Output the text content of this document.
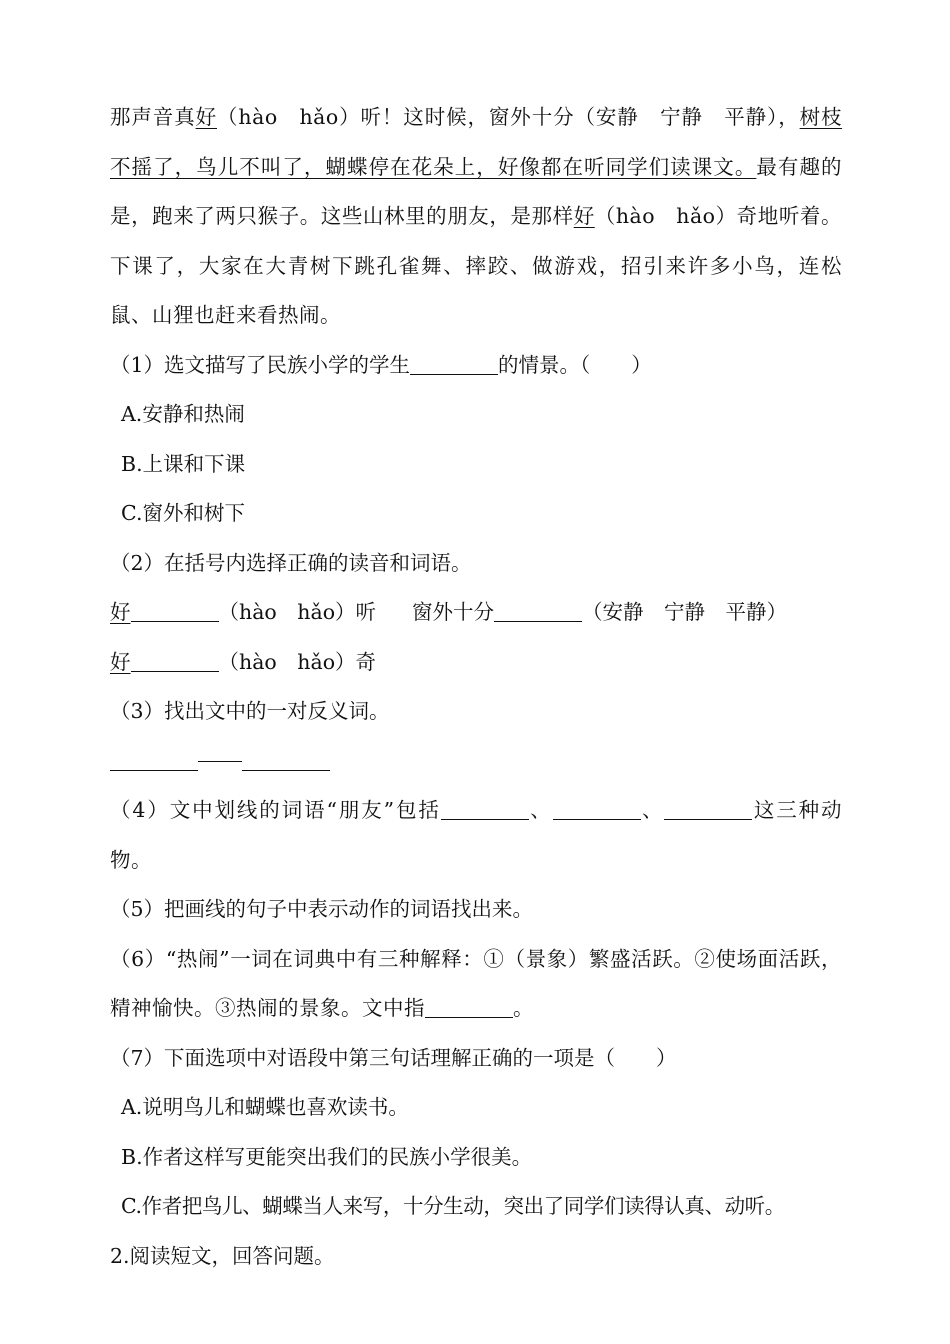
那声音真好（hào　hǎo）听！这时候，窗外十分（安静　宁静　平静），树枝不摇了，鸟儿不叫了，蝴蝶停在花朵上，好像都在听同学们读课文。最有趣的是，跑来了两只猴子。这些山林里的朋友，是那样好（hào　hǎo）奇地听着。下课了，大家在大青树下跳孔雀舞、摔跤、做游戏，招引来许多小鸟，连松鼠、山狸也赶来看热闹。
（1）选文描写了民族小学的学生	的情景。（　　）
A.安静和热闹
B.上课和下课
C.窗外和树下
（2）在括号内选择正确的读音和词语。
好	（hào　hǎo）听 窗外十分	（安静　宁静　平静）
好	（hào　hǎo）奇
（3）找出文中的一对反义词。
（4）文中划线的词语“朋友”包括	、	、	这三种动物。
（5）把画线的句子中表示动作的词语找出来。
（6）“热闹”一词在词典中有三种解释：①（景象）繁盛活跃。②使场面活跃，精神愉快。③热闹的景象。文中指	。
（7）下面选项中对语段中第三句话理解正确的一项是（　　）
A.说明鸟儿和蝴蝶也喜欢读书。
B.作者这样写更能突出我们的民族小学很美。
C.作者把鸟儿、蝴蝶当人来写，十分生动，突出了同学们读得认真、动听。
2.阅读短文，回答问题。
